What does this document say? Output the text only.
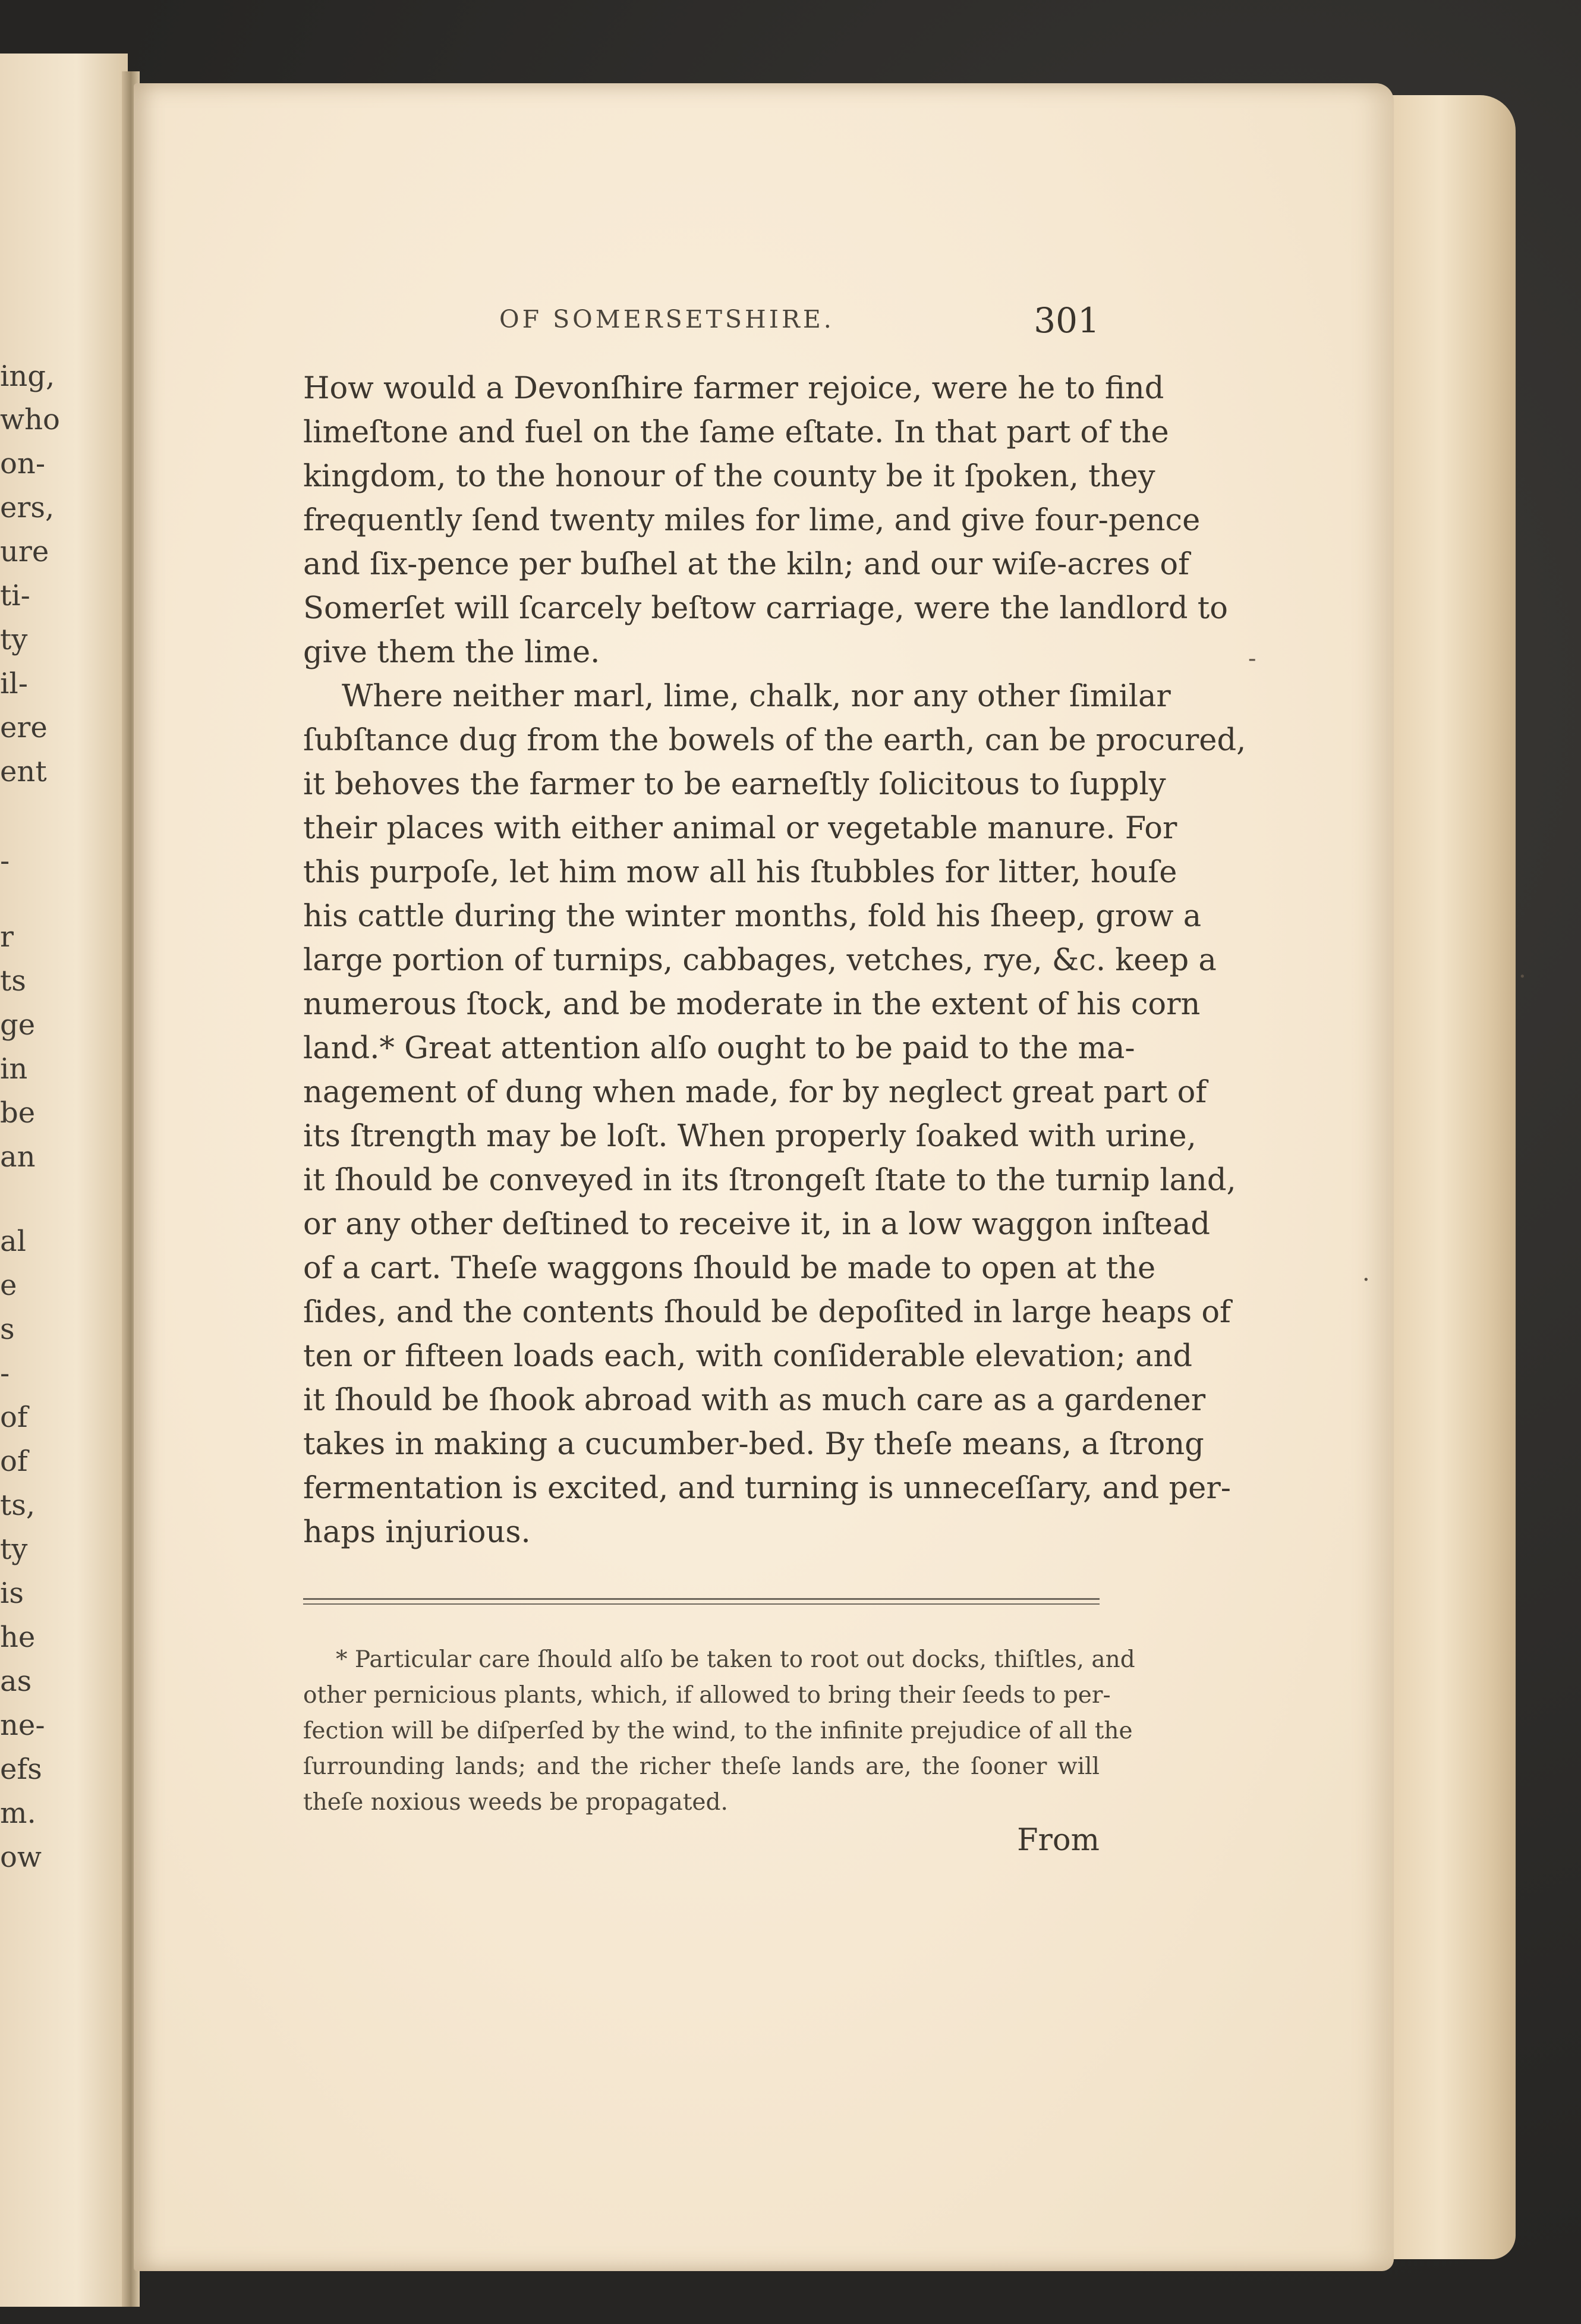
ing,
who
on-
ers,
ure
ti-
ty
il-
ere
ent
-
r
ts
ge
in
be
an
al
e
s
-
of
of
ts,
ty
is
he
as
ne-
efs
m.
ow
OF SOMERSETSHIRE.	301
How would a Devonſhire farmer rejoice, were he to find
limeſtone and fuel on the ſame eſtate. In that part of the
kingdom, to the honour of the county be it ſpoken, they
frequently ſend twenty miles for lime, and give four-pence
and ſix-pence per buſhel at the kiln; and our wiſe-acres of
Somerſet will ſcarcely beſtow carriage, were the landlord to
give them the lime.
Where neither marl, lime, chalk, nor any other ſimilar
ſubſtance dug from the bowels of the earth, can be procured,
it behoves the farmer to be earneſtly ſolicitous to ſupply
their places with either animal or vegetable manure. For
this purpoſe, let him mow all his ſtubbles for litter, houſe
his cattle during the winter months, fold his ſheep, grow a
large portion of turnips, cabbages, vetches, rye, &c. keep a
numerous ſtock, and be moderate in the extent of his corn
land.* Great attention alſo ought to be paid to the ma-
nagement of dung when made, for by neglect great part of
its ſtrength may be loſt. When properly ſoaked with urine,
it ſhould be conveyed in its ſtrongeſt ſtate to the turnip land,
or any other deſtined to receive it, in a low waggon inſtead
of a cart. Theſe waggons ſhould be made to open at the
ſides, and the contents ſhould be depoſited in large heaps of
ten or fifteen loads each, with conſiderable elevation; and
it ſhould be ſhook abroad with as much care as a gardener
takes in making a cucumber-bed. By theſe means, a ſtrong
fermentation is excited, and turning is unneceſſary, and per-
haps injurious.
* Particular care ſhould alſo be taken to root out docks, thiſtles, and
other pernicious plants, which, if allowed to bring their ſeeds to per-
fection will be diſperſed by the wind, to the infinite prejudice of all the
ſurrounding lands; and the richer theſe lands are, the ſooner will
theſe noxious weeds be propagated.
From
-
·
·
